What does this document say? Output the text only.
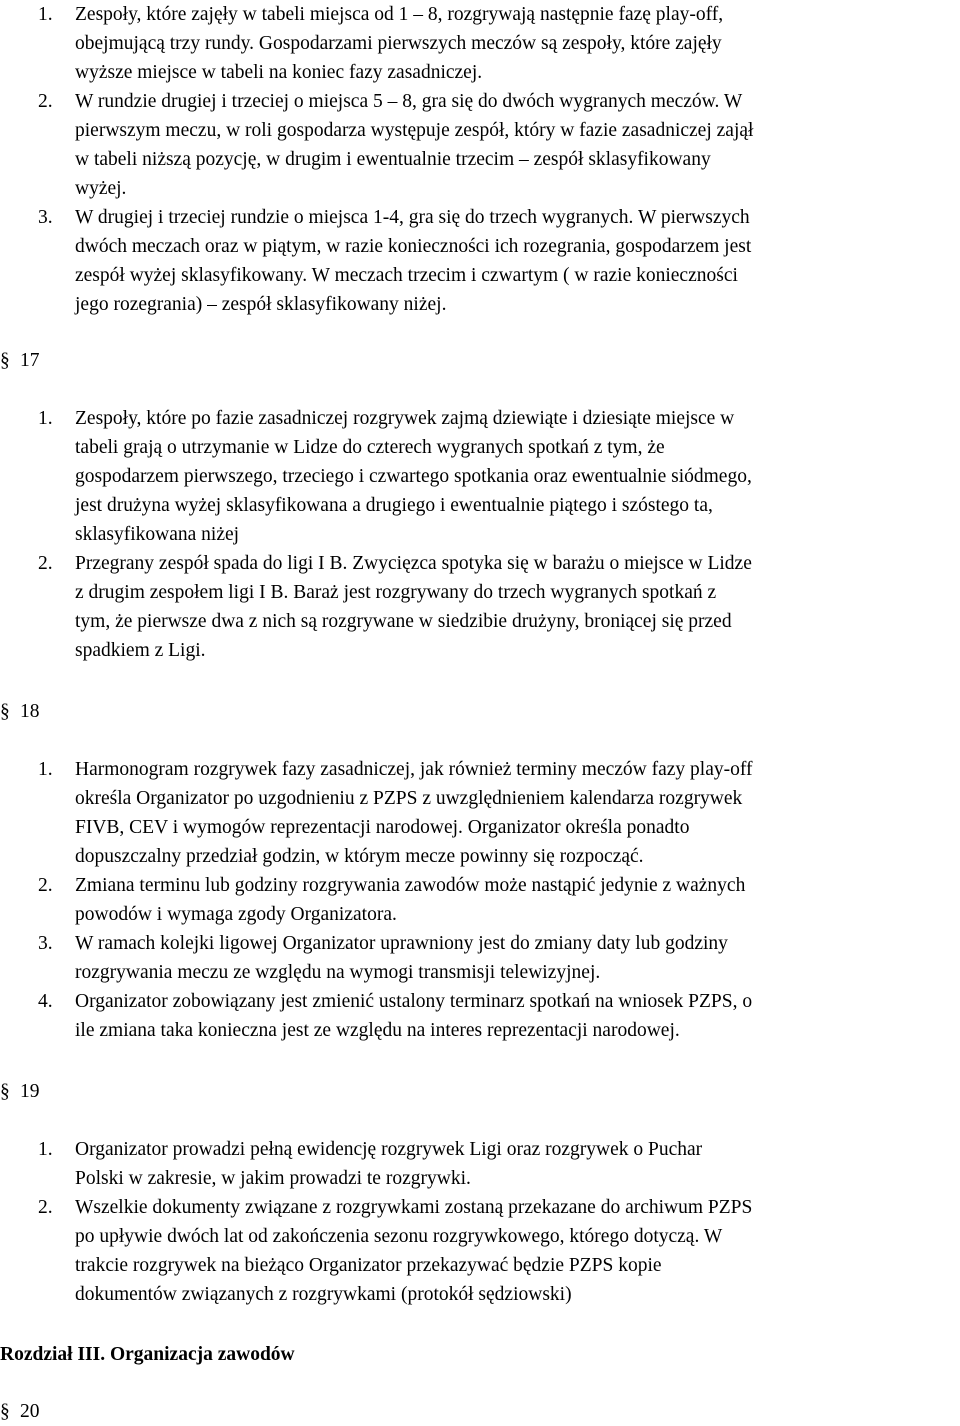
1.	Zespoły, które zajęły w tabeli miejsca od 1 – 8, rozgrywają następnie fazę play-off,
obejmującą trzy rundy. Gospodarzami pierwszych meczów są zespoły, które zajęły
wyższe miejsce w tabeli na koniec fazy zasadniczej.
2.	W rundzie drugiej i trzeciej o miejsca 5 – 8, gra się do dwóch wygranych meczów. W
pierwszym meczu, w roli gospodarza występuje zespół, który w fazie zasadniczej zajął
w tabeli niższą pozycję, w drugim i ewentualnie trzecim – zespół sklasyfikowany
wyżej.
3.	W drugiej i trzeciej rundzie o miejsca 1-4, gra się do trzech wygranych. W pierwszych
dwóch meczach oraz w piątym, w razie konieczności ich rozegrania, gospodarzem jest
zespół wyżej sklasyfikowany. W meczach trzecim i czwartym ( w razie konieczności
jego rozegrania) – zespół sklasyfikowany niżej.
§ 17
1.	Zespoły, które po fazie zasadniczej rozgrywek zajmą dziewiąte i dziesiąte miejsce w
tabeli grają o utrzymanie w Lidze do czterech wygranych spotkań z tym, że
gospodarzem pierwszego, trzeciego i czwartego spotkania oraz ewentualnie siódmego,
jest drużyna wyżej sklasyfikowana a drugiego i ewentualnie piątego i szóstego ta,
sklasyfikowana niżej
2.	Przegrany zespół spada do ligi I B. Zwycięzca spotyka się w barażu o miejsce w Lidze
z drugim zespołem ligi I B. Baraż jest rozgrywany do trzech wygranych spotkań z
tym, że pierwsze dwa z nich są rozgrywane w siedzibie drużyny, broniącej się przed
spadkiem z Ligi.
§ 18
1.	Harmonogram rozgrywek fazy zasadniczej, jak również terminy meczów fazy play-off
określa Organizator po uzgodnieniu z PZPS z uwzględnieniem kalendarza rozgrywek
FIVB, CEV i wymogów reprezentacji narodowej. Organizator określa ponadto
dopuszczalny przedział godzin, w którym mecze powinny się rozpocząć.
2.	Zmiana terminu lub godziny rozgrywania zawodów może nastąpić jedynie z ważnych
powodów i wymaga zgody Organizatora.
3.	W ramach kolejki ligowej Organizator uprawniony jest do zmiany daty lub godziny
rozgrywania meczu ze względu na wymogi transmisji telewizyjnej.
4.	Organizator zobowiązany jest zmienić ustalony terminarz spotkań na wniosek PZPS, o
ile zmiana taka konieczna jest ze względu na interes reprezentacji narodowej.
§ 19
1.	Organizator prowadzi pełną ewidencję rozgrywek Ligi oraz rozgrywek o Puchar
Polski w zakresie, w jakim prowadzi te rozgrywki.
2.	Wszelkie dokumenty związane z rozgrywkami zostaną przekazane do archiwum PZPS
po upływie dwóch lat od zakończenia sezonu rozgrywkowego, którego dotyczą. W
trakcie rozgrywek na bieżąco Organizator przekazywać będzie PZPS kopie
dokumentów związanych z rozgrywkami (protokół sędziowski)
Rozdział III. Organizacja zawodów
§ 20
